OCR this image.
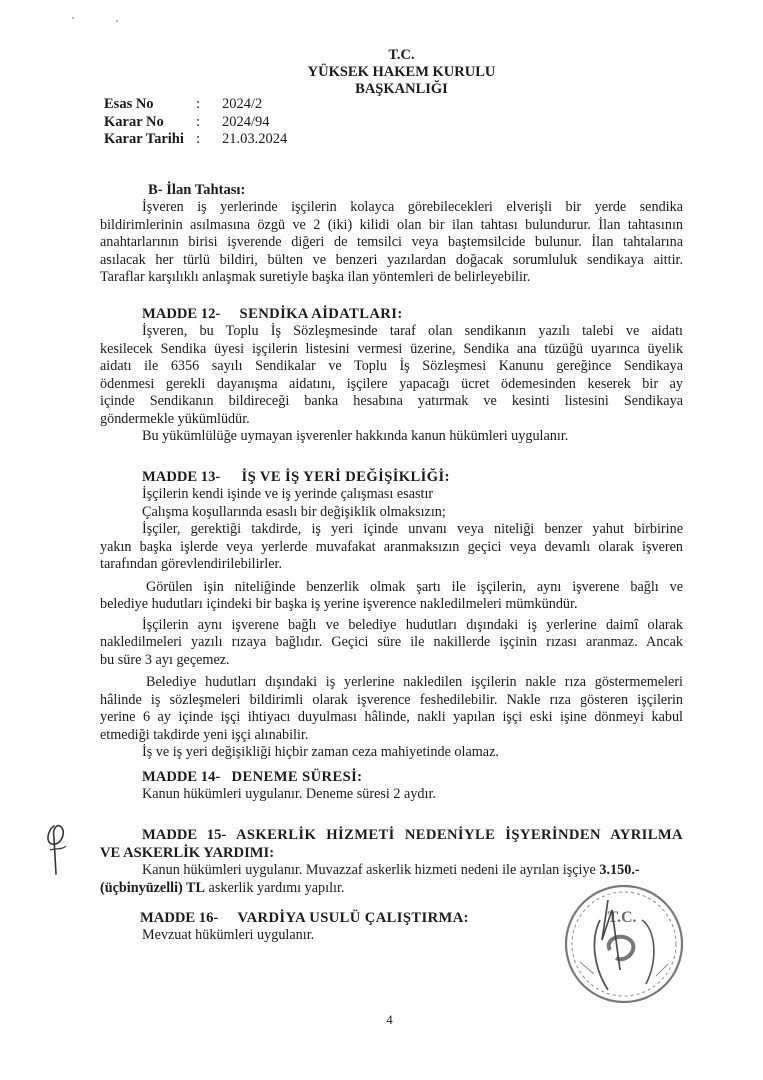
T.C.
YÜKSEK HAKEM KURULU
BAŞKANLIĞI
Esas No	:	2024/2
Karar No	:	2024/94
Karar Tarihi :	21.03.2024
B- İlan Tahtası:

İşveren iş yerlerinde işçilerin kolayca görebilecekleri elverişli bir yerde sendika

bildirimlerinin asılmasına özgü ve 2 (iki) kilidi olan bir ilan tahtası bulundurur. İlan tahtasının

anahtarlarının birisi işverende diğeri de temsilci veya baştemsilcide bulunur. İlan tahtalarına

asılacak her türlü bildiri, bülten ve benzeri yazılardan doğacak sorumluluk sendikaya aittir.

Taraflar karşılıklı anlaşmak suretiyle başka ilan yöntemleri de belirleyebilir.

MADDE 12- SENDİKA AİDATLARI:

İşveren, bu Toplu İş Sözleşmesinde taraf olan sendikanın yazılı talebi ve aidatı

kesilecek Sendika üyesi işçilerin listesini vermesi üzerine, Sendika ana tüzüğü uyarınca üyelik

aidatı ile 6356 sayılı Sendikalar ve Toplu İş Sözleşmesi Kanunu gereğince Sendikaya

ödenmesi gerekli dayanışma aidatını, işçilere yapacağı ücret ödemesinden keserek bir ay

içinde Sendikanın bildireceği banka hesabına yatırmak ve kesinti listesini Sendikaya

göndermekle yükümlüdür.

Bu yükümlülüğe uymayan işverenler hakkında kanun hükümleri uygulanır.

MADDE 13- İŞ VE İŞ YERİ DEĞİŞİKLİĞİ:

İşçilerin kendi işinde ve iş yerinde çalışması esastır

Çalışma koşullarında esaslı bir değişiklik olmaksızın;

İşçiler, gerektiği takdirde, iş yeri içinde unvanı veya niteliği benzer yahut birbirine

yakın başka işlerde veya yerlerde muvafakat aranmaksızın geçici veya devamlı olarak işveren

tarafından görevlendirilebilirler.

Görülen işin niteliğinde benzerlik olmak şartı ile işçilerin, aynı işverene bağlı ve

belediye hudutları içindeki bir başka iş yerine işverence nakledilmeleri mümkündür.

İşçilerin aynı işverene bağlı ve belediye hudutları dışındaki iş yerlerine daimî olarak

nakledilmeleri yazılı rızaya bağlıdır. Geçici süre ile nakillerde işçinin rızası aranmaz. Ancak

bu süre 3 ayı geçemez.

Belediye hudutları dışındaki iş yerlerine nakledilen işçilerin nakle rıza göstermemeleri

hâlinde iş sözleşmeleri bildirimli olarak işverence feshedilebilir. Nakle rıza gösteren işçilerin

yerine 6 ay içinde işçi ihtiyacı duyulması hâlinde, nakli yapılan işçi eski işine dönmeyi kabul

etmediği takdirde yeni işçi alınabilir.

İş ve iş yeri değişikliği hiçbir zaman ceza mahiyetinde olamaz.

MADDE 14- DENEME SÜRESİ:

Kanun hükümleri uygulanır. Deneme süresi 2 aydır.

MADDE 15- ASKERLİK HİZMETİ NEDENİYLE İŞYERİNDEN AYRILMA
VE ASKERLİK YARDIMI:

Kanun hükümleri uygulanır. Muvazzaf askerlik hizmeti nedeni ile ayrılan işçiye 3.150.-

(üçbinyüzelli) TL askerlik yardımı yapılır.

MADDE 16- VARDİYA USULÜ ÇALIŞTIRMA:

Mevzuat hükümleri uygulanır.

T.C.
4
